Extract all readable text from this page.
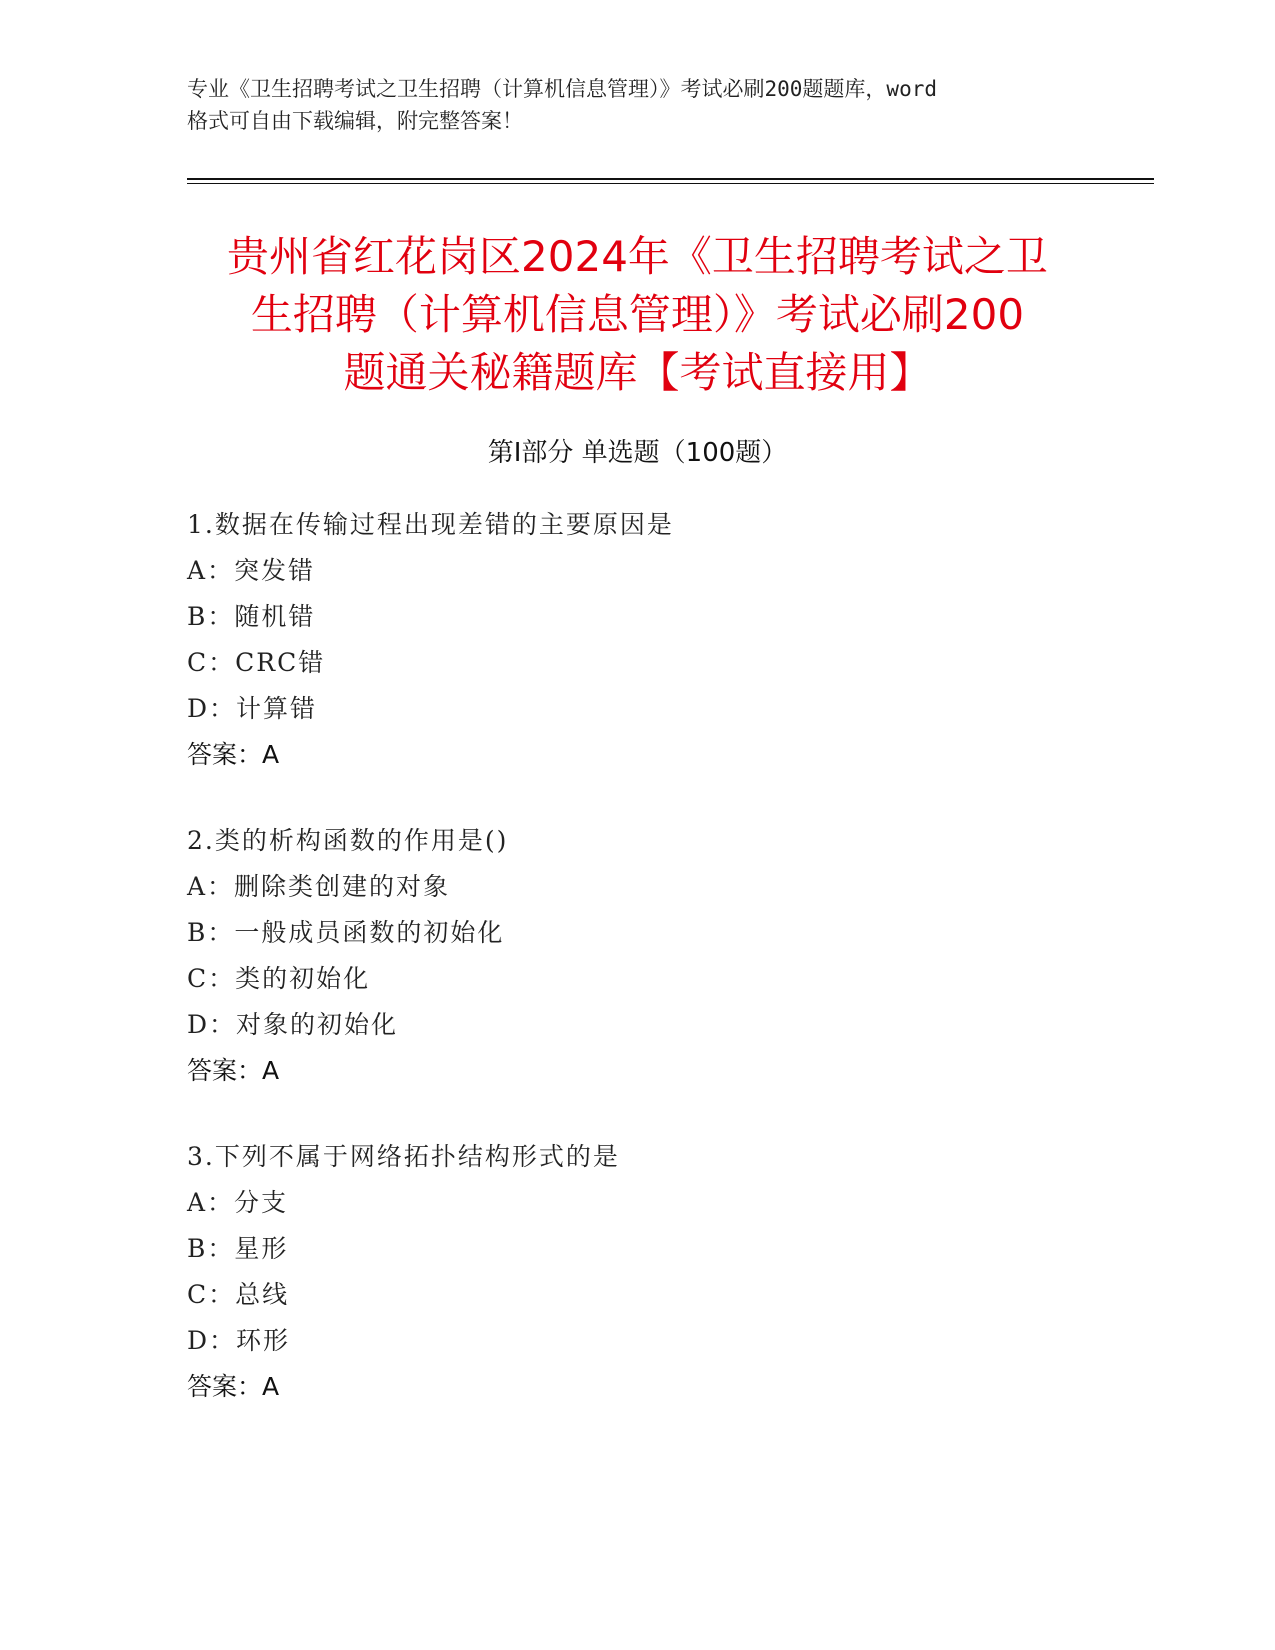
专业《卫生招聘考试之卫生招聘（计算机信息管理）》考试必刷200题题库，word
格式可自由下载编辑，附完整答案！
贵州省红花岗区2024年《卫生招聘考试之卫
生招聘（计算机信息管理）》考试必刷200
题通关秘籍题库【考试直接用】
第Ⅰ部分 单选题（100题）
1.数据在传输过程出现差错的主要原因是
A：突发错
B：随机错
C：CRC错
D：计算错
答案：A
2.类的析构函数的作用是()
A：删除类创建的对象
B：一般成员函数的初始化
C：类的初始化
D：对象的初始化
答案：A
3.下列不属于网络拓扑结构形式的是
A：分支
B：星形
C：总线
D：环形
答案：A
